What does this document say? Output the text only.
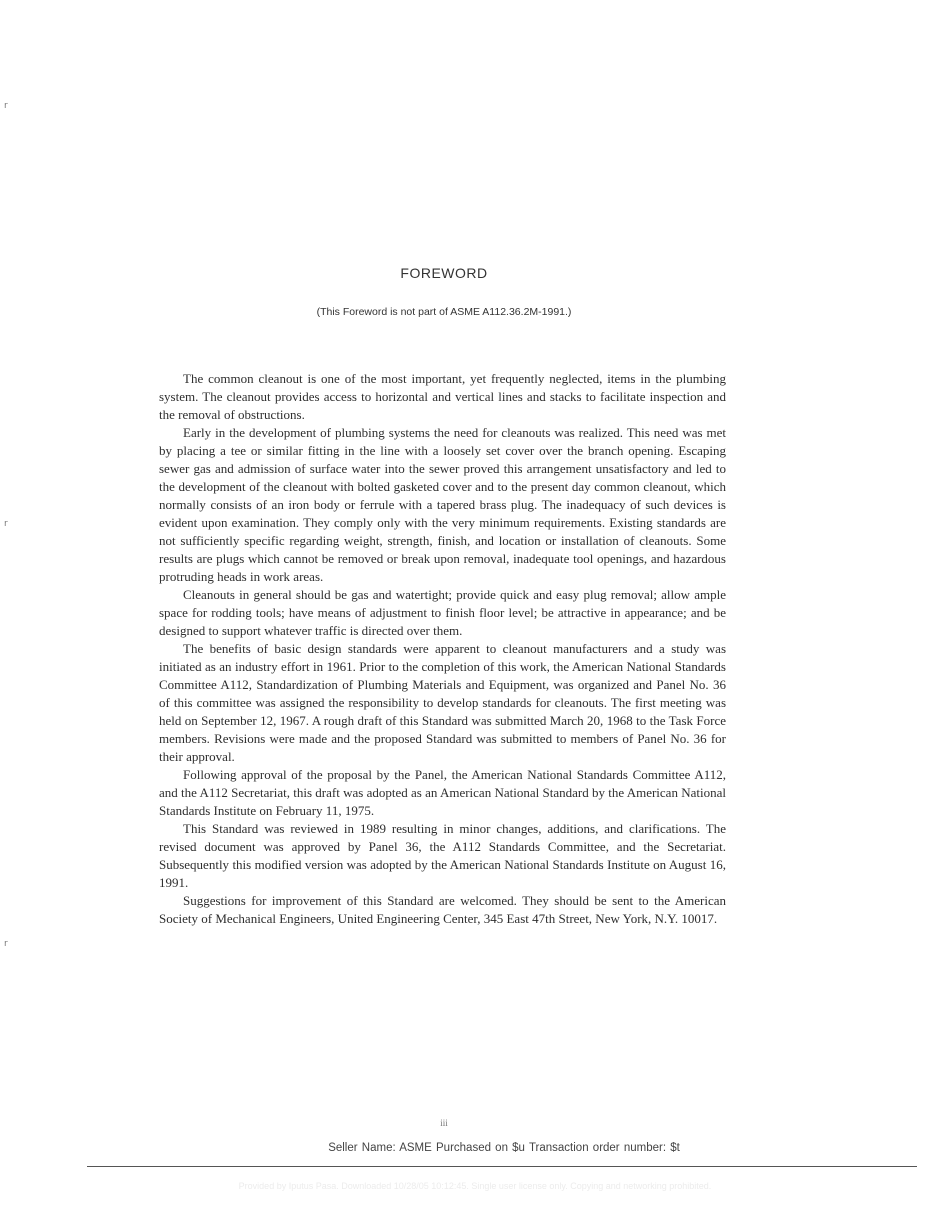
r
r
r
FOREWORD
(This Foreword is not part of ASME A112.36.2M-1991.)

The common cleanout is one of the most important, yet frequently neglected, items in the plumbing system. The cleanout provides access to horizontal and vertical lines and stacks to facilitate inspection and the removal of obstructions.

Early in the development of plumbing systems the need for cleanouts was realized. This need was met by placing a tee or similar fitting in the line with a loosely set cover over the branch opening. Escaping sewer gas and admission of surface water into the sewer proved this arrangement unsatisfactory and led to the development of the cleanout with bolted gasketed cover and to the present day common cleanout, which normally consists of an iron body or ferrule with a tapered brass plug. The inadequacy of such devices is evident upon examination. They comply only with the very minimum requirements. Existing standards are not sufficiently specific regarding weight, strength, finish, and location or installation of cleanouts. Some results are plugs which cannot be removed or break upon removal, inadequate tool openings, and hazardous protruding heads in work areas.

Cleanouts in general should be gas and watertight; provide quick and easy plug removal; allow ample space for rodding tools; have means of adjustment to finish floor level; be attractive in appearance; and be designed to support whatever traffic is directed over them.

The benefits of basic design standards were apparent to cleanout manufacturers and a study was initiated as an industry effort in 1961. Prior to the completion of this work, the American National Standards Committee A112, Standardization of Plumbing Materials and Equipment, was organized and Panel No. 36 of this committee was assigned the responsibility to develop standards for cleanouts. The first meeting was held on September 12, 1967. A rough draft of this Standard was submitted March 20, 1968 to the Task Force members. Revisions were made and the proposed Standard was submitted to members of Panel No. 36 for their approval.

Following approval of the proposal by the Panel, the American National Standards Committee A112, and the A112 Secretariat, this draft was adopted as an American National Standard by the American National Standards Institute on February 11, 1975.

This Standard was reviewed in 1989 resulting in minor changes, additions, and clarifications. The revised document was approved by Panel 36, the A112 Standards Committee, and the Secretariat. Subsequently this modified version was adopted by the American National Standards Institute on August 16, 1991.

Suggestions for improvement of this Standard are welcomed. They should be sent to the American Society of Mechanical Engineers, United Engineering Center, 345 East 47th Street, New York, N.Y. 10017.

iii
Seller Name: ASME Purchased on $u Transaction order number: $t
Provided by Iputus Pasa. Downloaded 10/28/05 10:12:45. Single user license only. Copying and networking prohibited.
